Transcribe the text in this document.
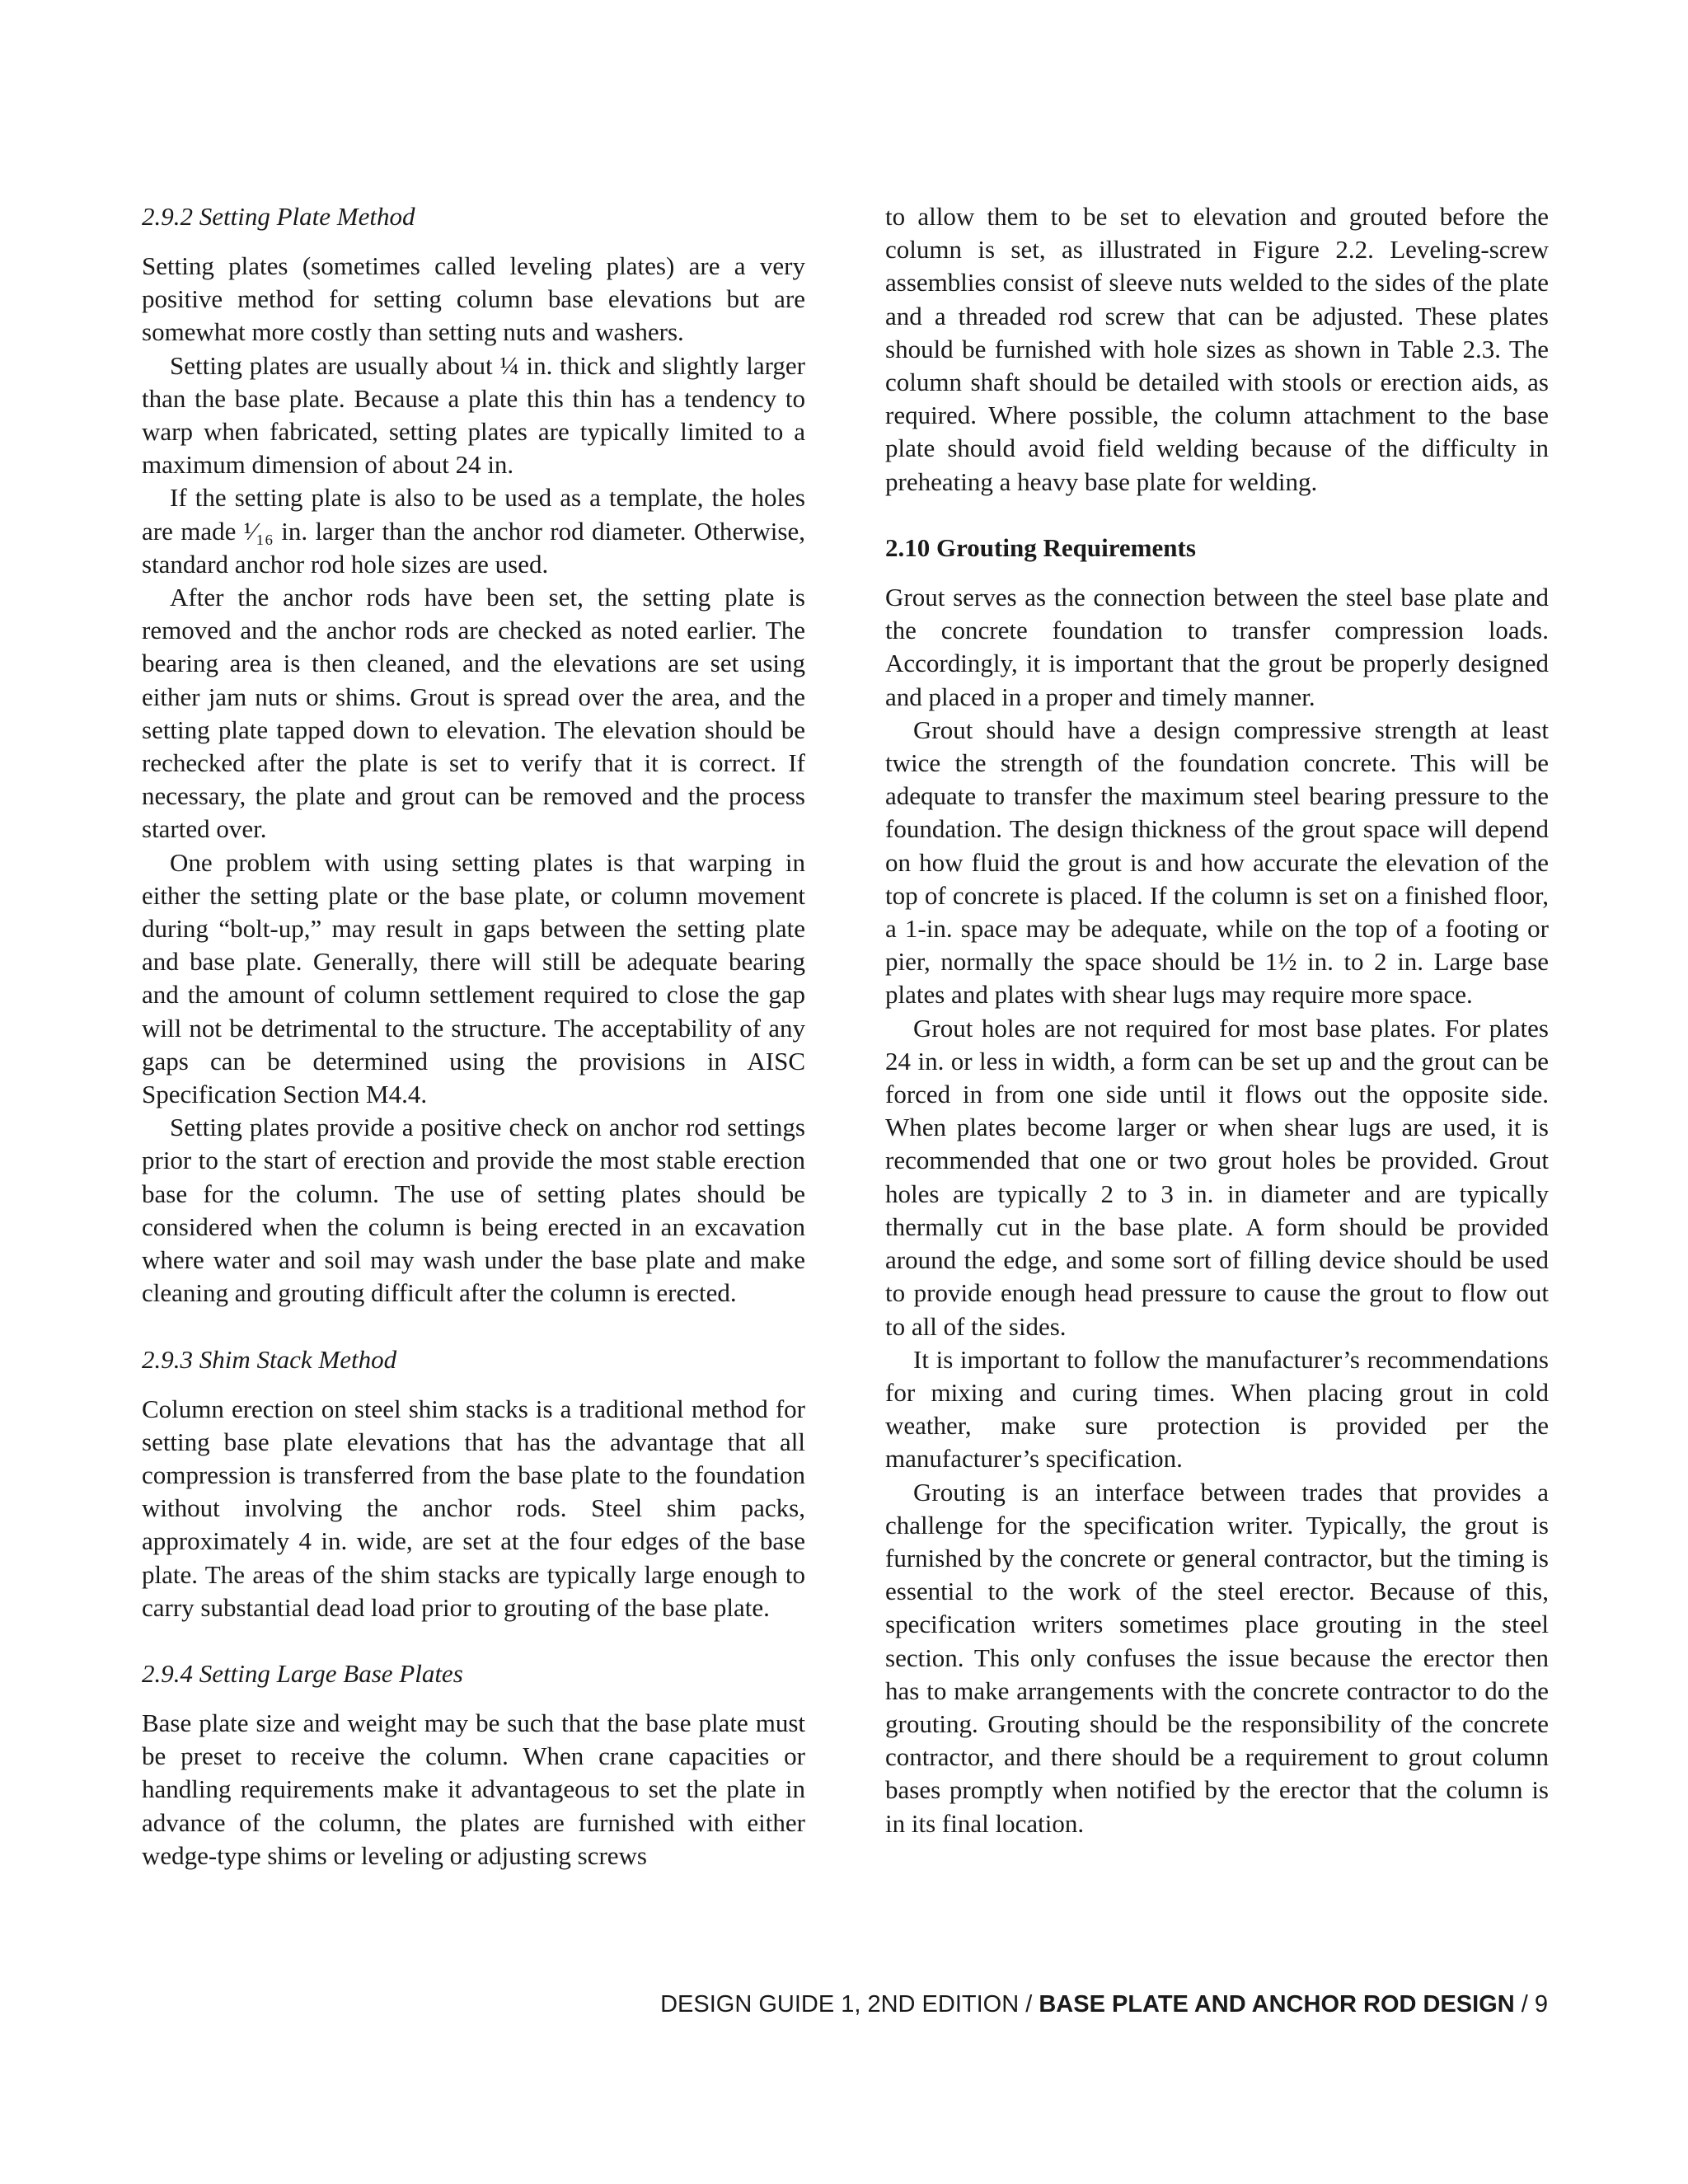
2.9.2 Setting Plate Method

Setting plates (sometimes called leveling plates) are a very positive method for setting column base elevations but are somewhat more costly than setting nuts and washers.

Setting plates are usually about ¼ in. thick and slightly larger than the base plate. Because a plate this thin has a tendency to warp when fabricated, setting plates are typically limited to a maximum dimension of about 24 in.

If the setting plate is also to be used as a template, the holes are made ¹⁄₁₆ in. larger than the anchor rod diameter. Otherwise, standard anchor rod hole sizes are used.

After the anchor rods have been set, the setting plate is removed and the anchor rods are checked as noted earlier. The bearing area is then cleaned, and the elevations are set using either jam nuts or shims. Grout is spread over the area, and the setting plate tapped down to elevation. The elevation should be rechecked after the plate is set to verify that it is correct. If necessary, the plate and grout can be removed and the process started over.

One problem with using setting plates is that warping in either the setting plate or the base plate, or column movement during “bolt-up,” may result in gaps between the setting plate and base plate. Generally, there will still be adequate bearing and the amount of column settlement required to close the gap will not be detrimental to the structure. The acceptability of any gaps can be determined using the provisions in AISC Specification Section M4.4.

Setting plates provide a positive check on anchor rod settings prior to the start of erection and provide the most stable erection base for the column. The use of setting plates should be considered when the column is being erected in an excavation where water and soil may wash under the base plate and make cleaning and grouting difficult after the column is erected.

2.9.3 Shim Stack Method

Column erection on steel shim stacks is a traditional method for setting base plate elevations that has the advantage that all compression is transferred from the base plate to the foundation without involving the anchor rods. Steel shim packs, approximately 4 in. wide, are set at the four edges of the base plate. The areas of the shim stacks are typically large enough to carry substantial dead load prior to grouting of the base plate.

2.9.4 Setting Large Base Plates

Base plate size and weight may be such that the base plate must be preset to receive the column. When crane capacities or handling requirements make it advantageous to set the plate in advance of the column, the plates are furnished with either wedge-type shims or leveling or adjusting screws

to allow them to be set to elevation and grouted before the column is set, as illustrated in Figure 2.2. Leveling-screw assemblies consist of sleeve nuts welded to the sides of the plate and a threaded rod screw that can be adjusted. These plates should be furnished with hole sizes as shown in Table 2.3. The column shaft should be detailed with stools or erection aids, as required. Where possible, the column attachment to the base plate should avoid field welding because of the difficulty in preheating a heavy base plate for welding.

2.10 Grouting Requirements

Grout serves as the connection between the steel base plate and the concrete foundation to transfer compression loads. Accordingly, it is important that the grout be properly designed and placed in a proper and timely manner.

Grout should have a design compressive strength at least twice the strength of the foundation concrete. This will be adequate to transfer the maximum steel bearing pressure to the foundation. The design thickness of the grout space will depend on how fluid the grout is and how accurate the elevation of the top of concrete is placed. If the column is set on a finished floor, a 1-in. space may be adequate, while on the top of a footing or pier, normally the space should be 1½ in. to 2 in. Large base plates and plates with shear lugs may require more space.

Grout holes are not required for most base plates. For plates 24 in. or less in width, a form can be set up and the grout can be forced in from one side until it flows out the opposite side. When plates become larger or when shear lugs are used, it is recommended that one or two grout holes be provided. Grout holes are typically 2 to 3 in. in diameter and are typically thermally cut in the base plate. A form should be provided around the edge, and some sort of filling device should be used to provide enough head pressure to cause the grout to flow out to all of the sides.

It is important to follow the manufacturer’s recommendations for mixing and curing times. When placing grout in cold weather, make sure protection is provided per the manufacturer’s specification.

Grouting is an interface between trades that provides a challenge for the specification writer. Typically, the grout is furnished by the concrete or general contractor, but the timing is essential to the work of the steel erector. Because of this, specification writers sometimes place grouting in the steel section. This only confuses the issue because the erector then has to make arrangements with the concrete contractor to do the grouting. Grouting should be the responsibility of the concrete contractor, and there should be a requirement to grout column bases promptly when notified by the erector that the column is in its final location.

DESIGN GUIDE 1, 2ND EDITION / BASE PLATE AND ANCHOR ROD DESIGN / 9
